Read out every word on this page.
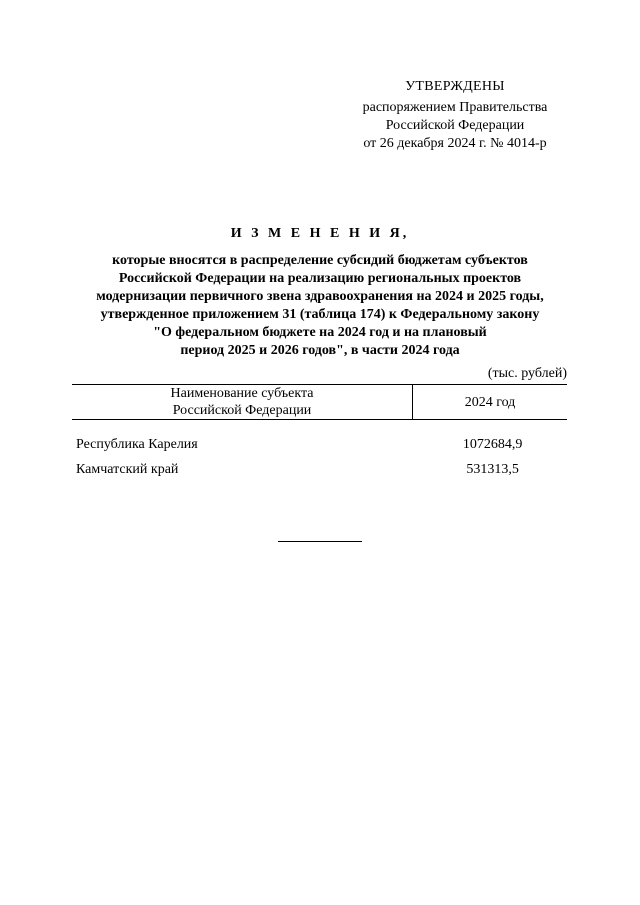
УТВЕРЖДЕНЫ
распоряжением Правительства
Российской Федерации
от 26 декабря 2024 г. № 4014-р
И З М Е Н Е Н И Я,
которые вносятся в распределение субсидий бюджетам субъектов
Российской Федерации на реализацию региональных проектов
модернизации первичного звена здравоохранения на 2024 и 2025 годы,
утвержденное приложением 31 (таблица 174) к Федеральному закону
"О федеральном бюджете на 2024 год и на плановый
период 2025 и 2026 годов", в части 2024 года
(тыс. рублей)
Наименование субъекта
Российской Федерации
	2024 год
Республика Карелия	1072684,9
Камчатский край	531313,5
